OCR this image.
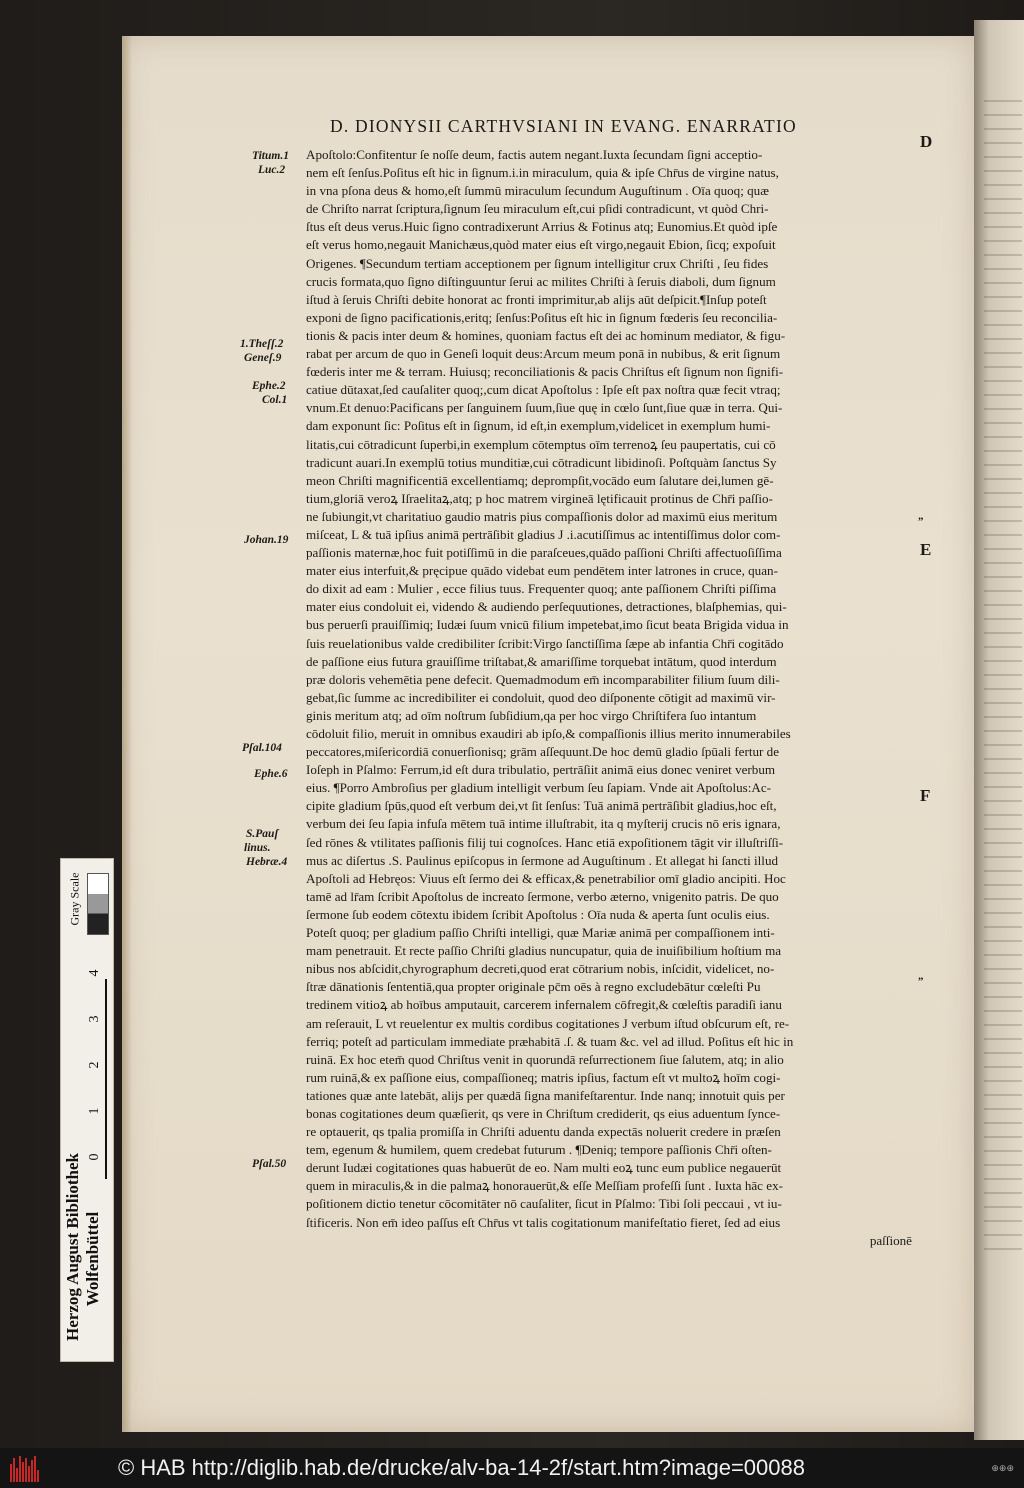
D. DIONYSII CARTHVSIANI IN EVANG. ENARRATIO
D
E
F
„
„
Apoſtolo:Confitentur ſe noſſe deum, factis autem negant.Iuxta ſecundam ſigni acceptio-
nem eſt ſenſus.Poſitus eſt hic in ſignum.i.in miraculum, quia & ipſe Chr̄us de virgine natus,
in vna pſona deus & homo,eſt ſummū miraculum ſecundum Auguſtinum . Oīa quoq; quæ
de Chriſto narrat ſcriptura,ſignum ſeu miraculum eſt,cui pſidi contradicunt, vt quòd Chri-
ſtus eſt deus verus.Huic ſigno contradixerunt Arrius & Fotinus atq; Eunomius.Et quòd ipſe
eſt verus homo,negauit Manichæus,quòd mater eius eſt virgo,negauit Ebion, ſicq; expoſuit
Origenes. ¶Secundum tertiam acceptionem per ſignum intelligitur crux Chriſti , ſeu fides
crucis formata,quo ſigno diſtinguuntur ſerui ac milites Chriſti à ſeruis diaboli, dum ſignum
iſtud à ſeruis Chriſti debite honorat ac fronti imprimitur,ab alijs aūt deſpicit.¶Inſup poteſt
exponi de ſigno pacificationis,eritq; ſenſus:Poſitus eſt hic in ſignum fœderis ſeu reconcilia-
tionis & pacis inter deum & homines, quoniam factus eſt dei ac hominum mediator, & figu-
rabat per arcum de quo in Geneſi loquit deus:Arcum meum ponā in nubibus, & erit ſignum
fœderis inter me & terram. Huiusq; reconciliationis & pacis Chriſtus eſt ſignum non ſignifi-
catiue dūtaxat,ſed cauſaliter quoq;,cum dicat Apoſtolus : Ipſe eſt pax noſtra quæ fecit vtraq;
vnum.Et denuo:Pacificans per ſanguinem ſuum,ſiue quę in cœlo ſunt,ſiue quæ in terra. Qui-
dam exponunt ſic: Poſitus eſt in ſignum, id eſt,in exemplum,videlicet in exemplum humi-
litatis,cui cōtradicunt ſuperbi,in exemplum cōtemptus oīm terrenoꝝ ſeu paupertatis, cui cō
tradicunt auari.In exemplū totius munditiæ,cui cōtradicunt libidinoſi. Poſtquàm ſanctus Sy
meon Chriſti magnificentiā excellentiamq; deprompſit,vocādo eum ſalutare dei,lumen gē-
tium,gloriā veroꝝ Iſraelitaꝝ,atq; p hoc matrem virgineā lętificauit protinus de Chr̄i paſſio-
ne ſubiungit,vt charitatiuo gaudio matris pius compaſſionis dolor ad maximū eius meritum
miſceat, L & tuā ipſius animā pertrāſibit gladius J .i.acutiſſimus ac intentiſſimus dolor com-
paſſionis maternæ,hoc fuit potiſſimū in die paraſceues,quādo paſſioni Chriſti affectuoſiſſima
mater eius interfuit,& pręcipue quādo videbat eum pendētem inter latrones in cruce, quan-
do dixit ad eam : Mulier , ecce filius tuus. Frequenter quoq; ante paſſionem Chriſti piſſima
mater eius condoluit ei, videndo & audiendo perſequutiones, detractiones, blaſphemias, qui-
bus peruerſi prauiſſimiq; Iudæi ſuum vnicū filium impetebat,imo ſicut beata Brigida vidua in
ſuis reuelationibus valde credibiliter ſcribit:Virgo ſanctiſſima ſæpe ab infantia Chr̄i cogitādo
de paſſione eius futura grauiſſime triſtabat,& amariſſime torquebat intātum, quod interdum
præ doloris vehemētia pene defecit. Quemadmodum em̄ incomparabiliter filium ſuum dili-
gebat,ſic ſumme ac incredibiliter ei condoluit, quod deo diſponente cōtigit ad maximū vir-
ginis meritum atq; ad oīm noſtrum ſubſidium,qa per hoc virgo Chriſtifera ſuo intantum
cōdoluit filio, meruit in omnibus exaudiri ab ipſo,& compaſſionis illius merito innumerabiles
peccatores,miſericordiā conuerſionisq; grām aſſequunt.De hoc demū gladio ſpūali fertur de
Ioſeph in Pſalmo: Ferrum,id eſt dura tribulatio, pertrāſiit animā eius donec veniret verbum
eius. ¶Porro Ambroſius per gladium intelligit verbum ſeu ſapiam. Vnde ait Apoſtolus:Ac-
cipite gladium ſpūs,quod eſt verbum dei,vt ſit ſenſus: Tuā animā pertrāſibit gladius,hoc eſt,
verbum dei ſeu ſapia infuſa mētem tuā intime illuſtrabit, ita q myſterij crucis nō eris ignara,
ſed rōnes & vtilitates paſſionis filij tui cognoſces. Hanc etiā expoſitionem tāgit vir illuſtriſſi-
mus ac diſertus .S. Paulinus epiſcopus in ſermone ad Auguſtinum . Et allegat hi ſancti illud
Apoſtoli ad Hebręos: Viuus eſt ſermo dei & efficax,& penetrabilior omī gladio ancipiti. Hoc
tamē ad lr̄am ſcribit Apoſtolus de increato ſermone, verbo æterno, vnigenito patris. De quo
ſermone ſub eodem cōtextu ibidem ſcribit Apoſtolus : Oīa nuda & aperta ſunt oculis eius.
Poteſt quoq; per gladium paſſio Chriſti intelligi, quæ Mariæ animā per compaſſionem inti-
mam penetrauit. Et recte paſſio Chriſti gladius nuncupatur, quia de inuiſibilium hoſtium ma
nibus nos abſcidit,chyrographum decreti,quod erat cōtrarium nobis, inſcidit, videlicet, no-
ſtræ dānationis ſententiā,qua propter originale pc̄m oēs à regno excludebātur cœleſti Pu
tredinem vitioꝝ ab hoībus amputauit, carcerem infernalem cōfregit,& cœleſtis paradiſi ianu
am reſerauit, L vt reuelentur ex multis cordibus cogitationes J verbum iſtud obſcurum eſt, re-
ferriq; poteſt ad particulam immediate præhabitā .ſ. & tuam &c. vel ad illud. Poſitus eſt hic in
ruinā. Ex hoc etem̄ quod Chriſtus venit in quorundā reſurrectionem ſiue ſalutem, atq; in alio
rum ruinā,& ex paſſione eius, compaſſioneq; matris ipſius, factum eſt vt multoꝝ hoīm cogi-
tationes quæ ante latebāt, alijs per quædā ſigna manifeſtarentur. Inde nanq; innotuit quis per
bonas cogitationes deum quæſierit, qs vere in Chriſtum crediderit, qs eius aduentum ſynce-
re optauerit, qs tpalia promiſſa in Chriſti aduentu danda expectās noluerit credere in præſen
tem, egenum & humilem, quem credebat futurum . ¶Deniq; tempore paſſionis Chr̄i oſten-
derunt Iudæi cogitationes quas habuerūt de eo. Nam multi eoꝝ tunc eum publice negauerūt
quem in miraculis,& in die palmaꝝ honorauerūt,& eſſe Meſſiam profeſſi ſunt . Iuxta hāc ex-
poſitionem dictio tenetur cōcomitāter nō cauſaliter, ſicut in Pſalmo: Tibi ſoli peccaui , vt iu-
ſtificeris. Non em̄ ideo paſſus eſt Chr̄us vt talis cogitationum manifeſtatio fieret, ſed ad eius
paſſionē
Titum.1
Luc.2
1.Theſſ.2
Geneſ.9
Ephe.2
Col.1
Johan.19
Pſal.104
Ephe.6
S.Pauſ
linus.
Hebræ.4
Pſal.50
Gray Scale
0
1
2
3
4
Herzog August Bibliothek Wolfenbüttel
© HAB http://diglib.hab.de/drucke/alv-ba-14-2f/start.htm?image=00088	⊕⊕⊕
